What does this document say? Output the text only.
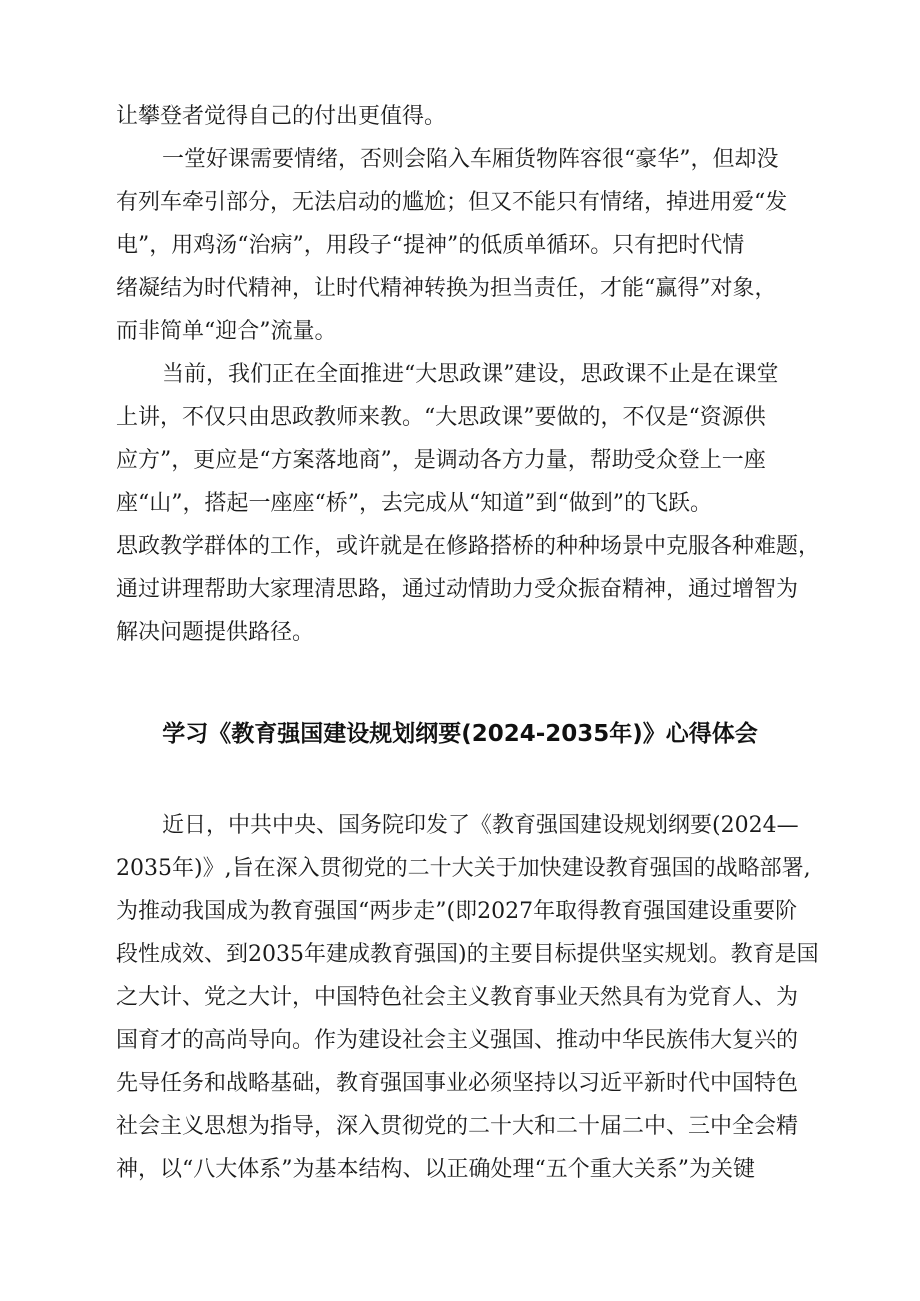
让攀登者觉得自己的付出更值得。

一堂好课需要情绪，否则会陷入车厢货物阵容很“豪华”，但却没

有列车牵引部分，无法启动的尴尬；但又不能只有情绪，掉进用爱“发

电”，用鸡汤“治病”，用段子“提神”的低质单循环。只有把时代情

绪凝结为时代精神，让时代精神转换为担当责任，才能“赢得”对象，

而非简单“迎合”流量。

当前，我们正在全面推进“大思政课”建设，思政课不止是在课堂

上讲，不仅只由思政教师来教。“大思政课”要做的，不仅是“资源供

应方”，更应是“方案落地商”，是调动各方力量，帮助受众登上一座

座“山”，搭起一座座“桥”，去完成从“知道”到“做到”的飞跃。

思政教学群体的工作，或许就是在修路搭桥的种种场景中克服各种难题，

通过讲理帮助大家理清思路，通过动情助力受众振奋精神，通过增智为

解决问题提供路径。

学习《教育强国建设规划纲要(2024-2035年)》心得体会

近日，中共中央、国务院印发了《教育强国建设规划纲要(2024—

2035年)》,旨在深入贯彻党的二十大关于加快建设教育强国的战略部署,

为推动我国成为教育强国“两步走”(即2027年取得教育强国建设重要阶

段性成效、到2035年建成教育强国)的主要目标提供坚实规划。教育是国

之大计、党之大计，中国特色社会主义教育事业天然具有为党育人、为

国育才的高尚导向。作为建设社会主义强国、推动中华民族伟大复兴的

先导任务和战略基础，教育强国事业必须坚持以习近平新时代中国特色

社会主义思想为指导，深入贯彻党的二十大和二十届二中、三中全会精

神，以“八大体系”为基本结构、以正确处理“五个重大关系”为关键
